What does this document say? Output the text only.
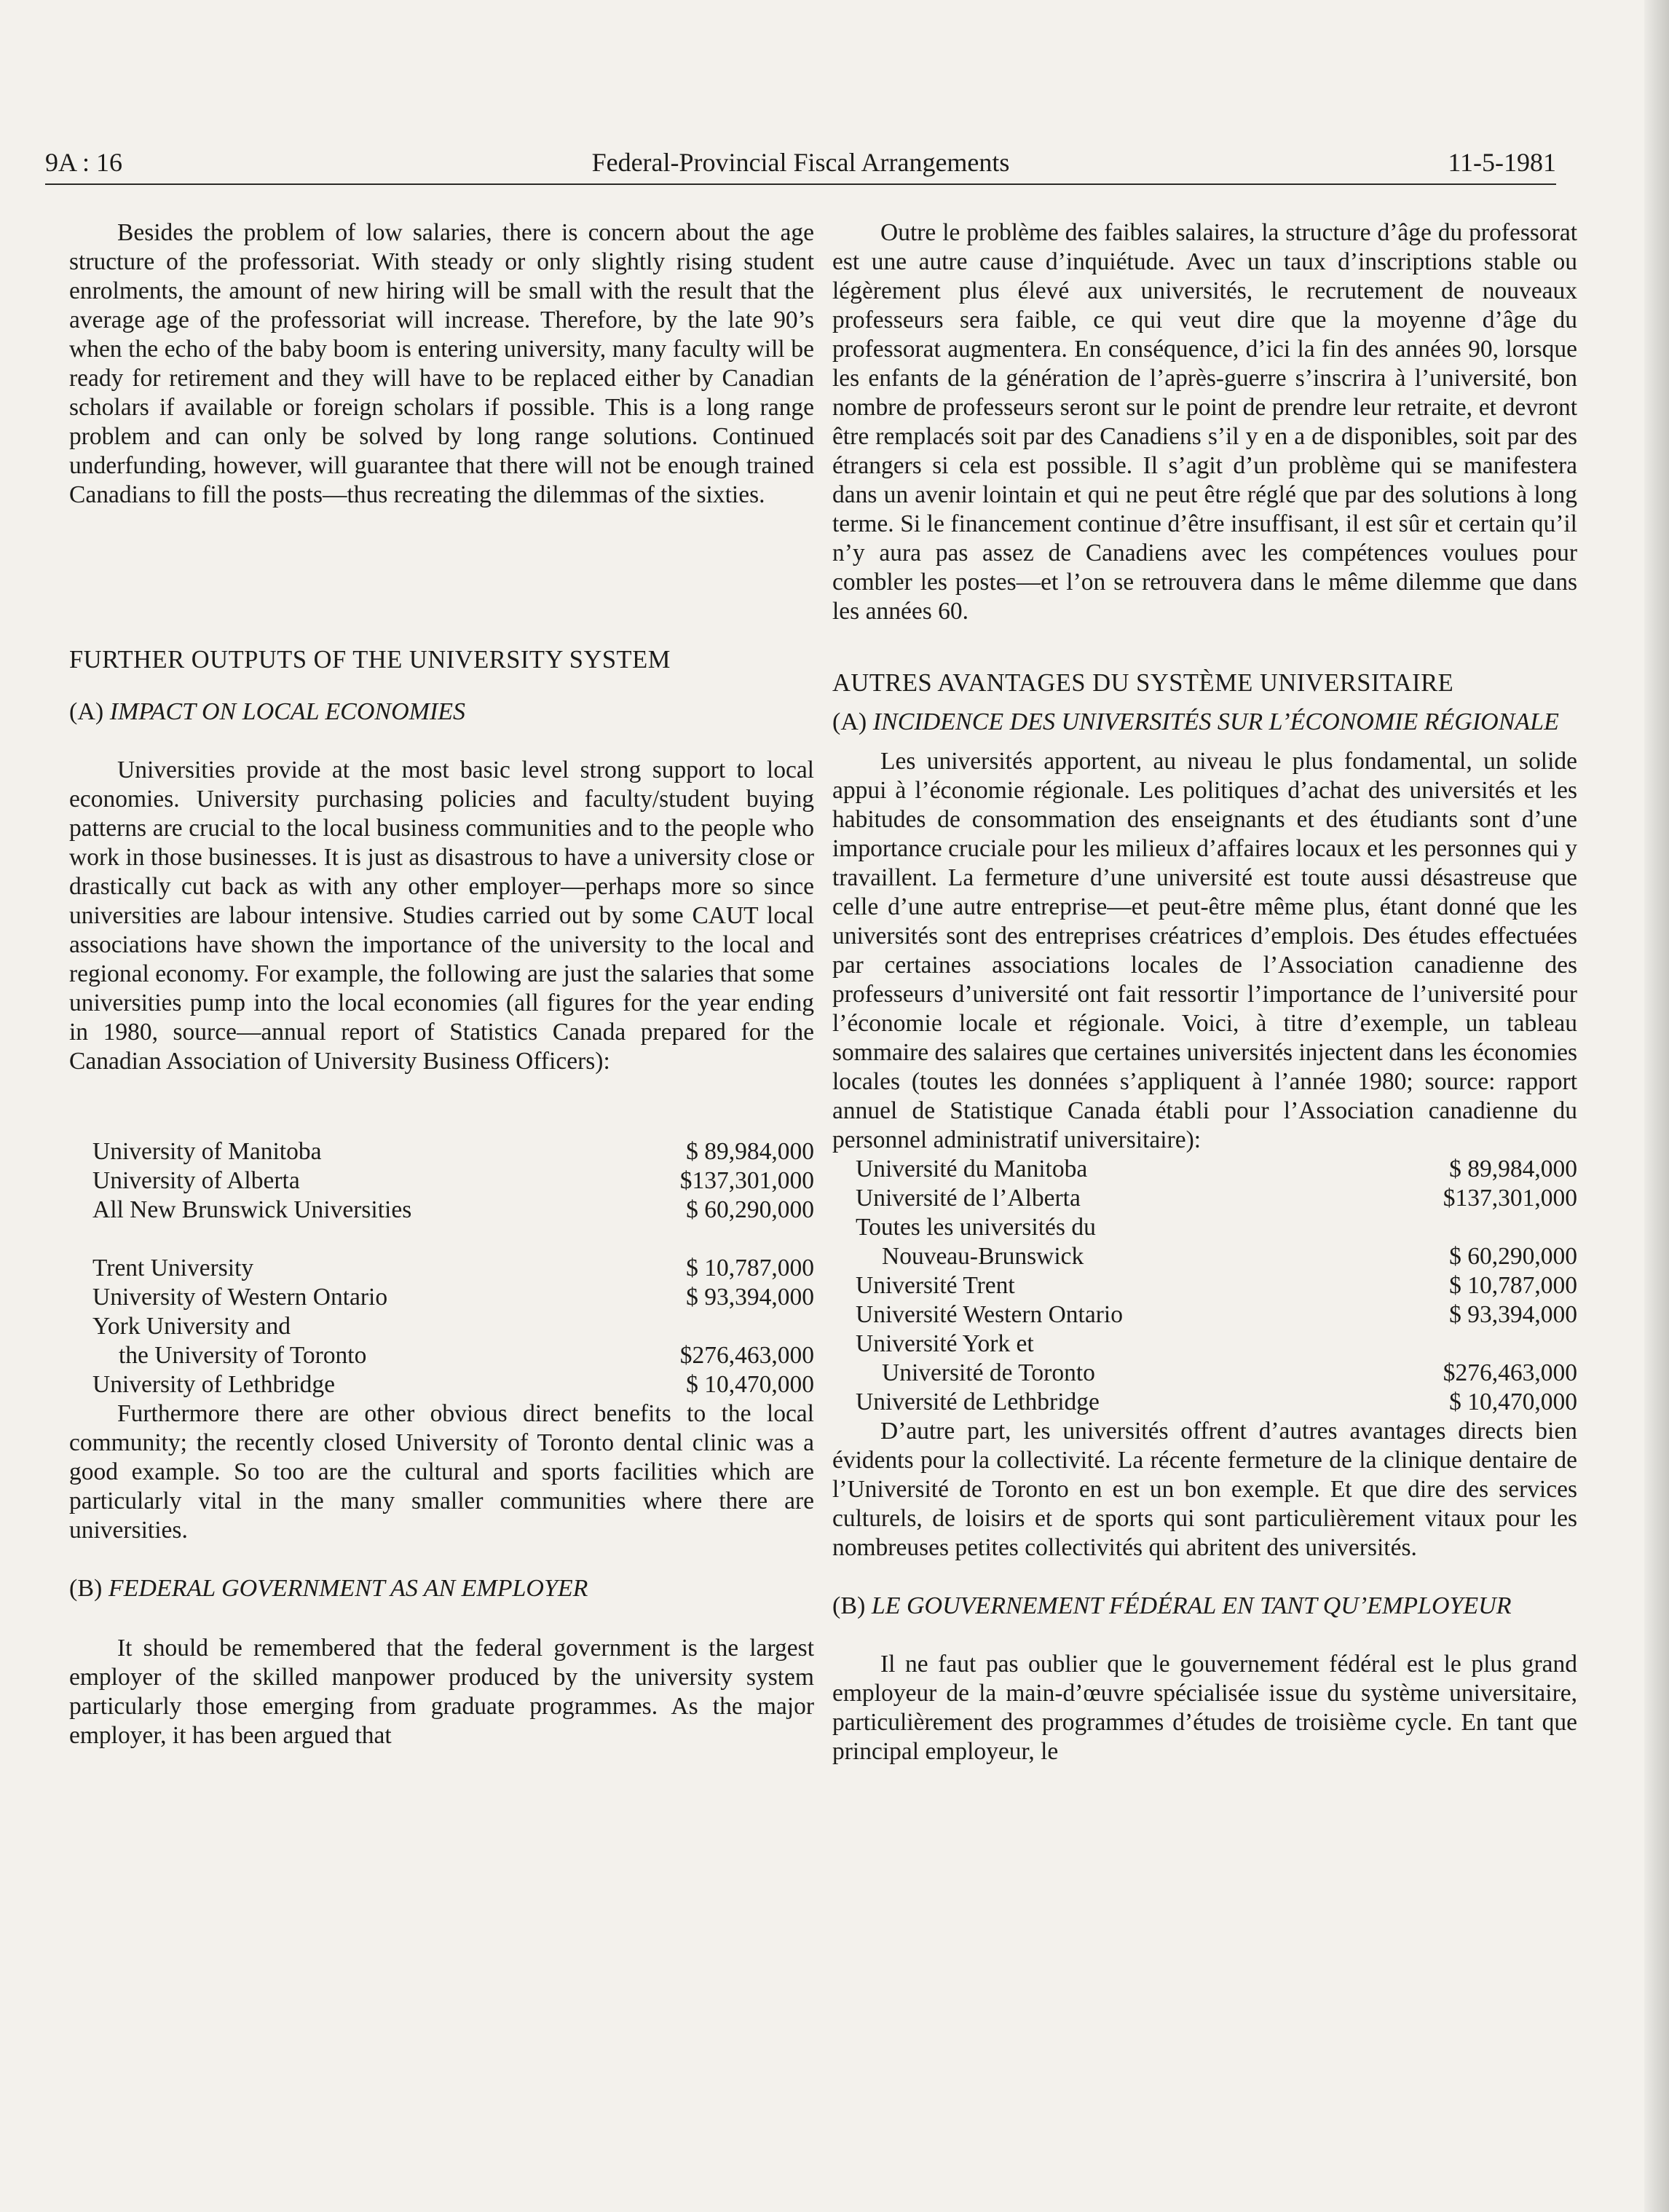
9A : 16	Federal-Provincial Fiscal Arrangements	11-5-1981

Besides the problem of low salaries, there is concern about the age structure of the professoriat. With steady or only slightly rising student enrolments, the amount of new hiring will be small with the result that the average age of the professoriat will increase. Therefore, by the late 90’s when the echo of the baby boom is entering university, many faculty will be ready for retirement and they will have to be replaced either by Canadian scholars if available or foreign scholars if possible. This is a long range problem and can only be solved by long range solutions. Continued underfunding, however, will guarantee that there will not be enough trained Canadians to fill the posts—thus recreating the dilemmas of the sixties.

FURTHER OUTPUTS OF THE UNIVERSITY SYSTEM
(A) IMPACT ON LOCAL ECONOMIES

Universities provide at the most basic level strong support to local economies. University purchasing policies and faculty/student buying patterns are crucial to the local business communities and to the people who work in those businesses. It is just as disastrous to have a university close or drastically cut back as with any other employer—perhaps more so since universities are labour intensive. Studies carried out by some CAUT local associations have shown the importance of the university to the local and regional economy. For example, the following are just the salaries that some universities pump into the local economies (all figures for the year ending in 1980, source—annual report of Statistics Canada prepared for the Canadian Association of University Business Officers):

University of Manitoba	$ 89,984,000
University of Alberta	$137,301,000
All New Brunswick Universities	$ 60,290,000

Trent University	$ 10,787,000
University of Western Ontario	$ 93,394,000
York University and	
the University of Toronto	$276,463,000
University of Lethbridge	$ 10,470,000

Furthermore there are other obvious direct benefits to the local community; the recently closed University of Toronto dental clinic was a good example. So too are the cultural and sports facilities which are particularly vital in the many smaller communities where there are universities.

(B) FEDERAL GOVERNMENT AS AN EMPLOYER

It should be remembered that the federal government is the largest employer of the skilled manpower produced by the university system particularly those emerging from graduate programmes. As the major employer, it has been argued that

Outre le problème des faibles salaires, la structure d’âge du professorat est une autre cause d’inquiétude. Avec un taux d’inscriptions stable ou légèrement plus élevé aux universités, le recrutement de nouveaux professeurs sera faible, ce qui veut dire que la moyenne d’âge du professorat augmentera. En conséquence, d’ici la fin des années 90, lorsque les enfants de la génération de l’après-guerre s’inscrira à l’université, bon nombre de professeurs seront sur le point de prendre leur retraite, et devront être remplacés soit par des Canadiens s’il y en a de disponibles, soit par des étrangers si cela est possible. Il s’agit d’un problème qui se manifestera dans un avenir lointain et qui ne peut être réglé que par des solutions à long terme. Si le financement continue d’être insuffisant, il est sûr et certain qu’il n’y aura pas assez de Canadiens avec les compétences voulues pour combler les postes—et l’on se retrouvera dans le même dilemme que dans les années 60.

AUTRES AVANTAGES DU SYSTÈME UNIVERSITAIRE
(A) INCIDENCE DES UNIVERSITÉS SUR L’ÉCONOMIE RÉGIONALE

Les universités apportent, au niveau le plus fondamental, un solide appui à l’économie régionale. Les politiques d’achat des universités et les habitudes de consommation des enseignants et des étudiants sont d’une importance cruciale pour les milieux d’affaires locaux et les personnes qui y travaillent. La fermeture d’une université est toute aussi désastreuse que celle d’une autre entreprise—et peut-être même plus, étant donné que les universités sont des entreprises créatrices d’emplois. Des études effectuées par certaines associations locales de l’Association canadienne des professeurs d’université ont fait ressortir l’importance de l’université pour l’économie locale et régionale. Voici, à titre d’exemple, un tableau sommaire des salaires que certaines universités injectent dans les économies locales (toutes les données s’appliquent à l’année 1980; source: rapport annuel de Statistique Canada établi pour l’Association canadienne du personnel administratif universitaire):

Université du Manitoba	$ 89,984,000
Université de l’Alberta	$137,301,000
Toutes les universités du	
Nouveau-Brunswick	$ 60,290,000
Université Trent	$ 10,787,000
Université Western Ontario	$ 93,394,000
Université York et	
Université de Toronto	$276,463,000
Université de Lethbridge	$ 10,470,000

D’autre part, les universités offrent d’autres avantages directs bien évidents pour la collectivité. La récente fermeture de la clinique dentaire de l’Université de Toronto en est un bon exemple. Et que dire des services culturels, de loisirs et de sports qui sont particulièrement vitaux pour les nombreuses petites collectivités qui abritent des universités.

(B) LE GOUVERNEMENT FÉDÉRAL EN TANT QU’EMPLOYEUR

Il ne faut pas oublier que le gouvernement fédéral est le plus grand employeur de la main-d’œuvre spécialisée issue du système universitaire, particulièrement des programmes d’études de troisième cycle. En tant que principal employeur, le
